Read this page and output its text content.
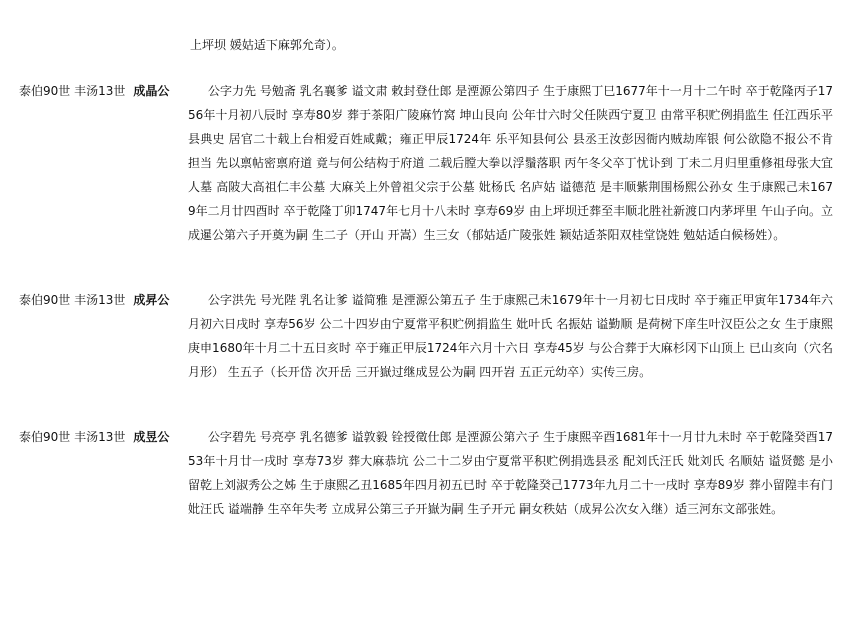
上坪坝 媛姑适下麻郭允奇）。
泰伯90世 丰汤13世 成晶公	公字力先 号勉斋 乳名襄爹 谥文肃 敕封登仕郎 是湮源公第四子 生于康熙丁巳1677年十一月十二午时 卒于乾隆丙子1756年十月初八辰时 享寿80岁 葬于茶阳广陵麻竹窝 坤山艮向 公年廿六时父任陕西宁夏卫 由常平积贮例捐监生 任江西乐平县典史 居官二十载上台相爱百姓咸戴；雍正甲辰1724年 乐平知县何公 县丞王汝彭因衙内贼劫库银 何公欲隐不报公不肯担当 先以禀帖密禀府道 竟与何公结构于府道 二载后膛大拳以浮鬚落职 丙午冬父卒丁忧讣到 丁未二月归里重修祖母张大宜人墓 高陂大高祖仁丰公墓 大麻关上外曾祖父宗于公墓 妣杨氏 名庐姑 谥德范 是丰顺紫荆围杨熙公孙女 生于康熙己未1679年二月廿四酉时 卒于乾隆丁卯1747年七月十八未时 享寿69岁 由上坪坝迁葬至丰顺北胜社新渡口内茅坪里 午山子向。立成暹公第六子开奠为嗣 生二子（开山 开嵩）生三女（郁姑适广陵张姓 颖姑适茶阳双桂堂饶姓 勉姑适白候杨姓）。
泰伯90世 丰汤13世 成昇公	公字洪先 号光陛 乳名让爹 谥简雅 是湮源公第五子 生于康熙己未1679年十一月初七日戌时 卒于雍正甲寅年1734年六月初六日戌时 享寿56岁 公二十四岁由宁夏常平积贮例捐监生 妣叶氏 名振姑 谥勤顺 是荷树下庠生叶汉臣公之女 生于康熙庚申1680年十月二十五日亥时 卒于雍正甲辰1724年六月十六日 享寿45岁 与公合葬于大麻杉冈下山顶上 已山亥向（穴名 月形） 生五子（长开岱 次开岳 三开嶽过继成昱公为嗣 四开岧 五正元幼卒）实传三房。
泰伯90世 丰汤13世 成昱公	公字碧先 号亮亭 乳名德爹 谥敦毅 铨授徵仕郎 是湮源公第六子 生于康熙辛酉1681年十一月廿九未时 卒于乾隆癸酉1753年十月廿一戌时 享寿73岁 葬大麻恭坑 公二十二岁由宁夏常平积贮例捐选县丞 配刘氏汪氏 妣刘氏 名顺姑 谥贤懿 是小留乾上刘淑秀公之姊 生于康熙乙丑1685年四月初五已时 卒于乾隆癸己1773年九月二十一戌时 享寿89岁 葬小留隍丰有门 妣汪氏 谥端静 生卒年失考 立成昇公第三子开嶽为嗣 生子开元 嗣女秩姑（成昇公次女入继）适三河东文部张姓。
